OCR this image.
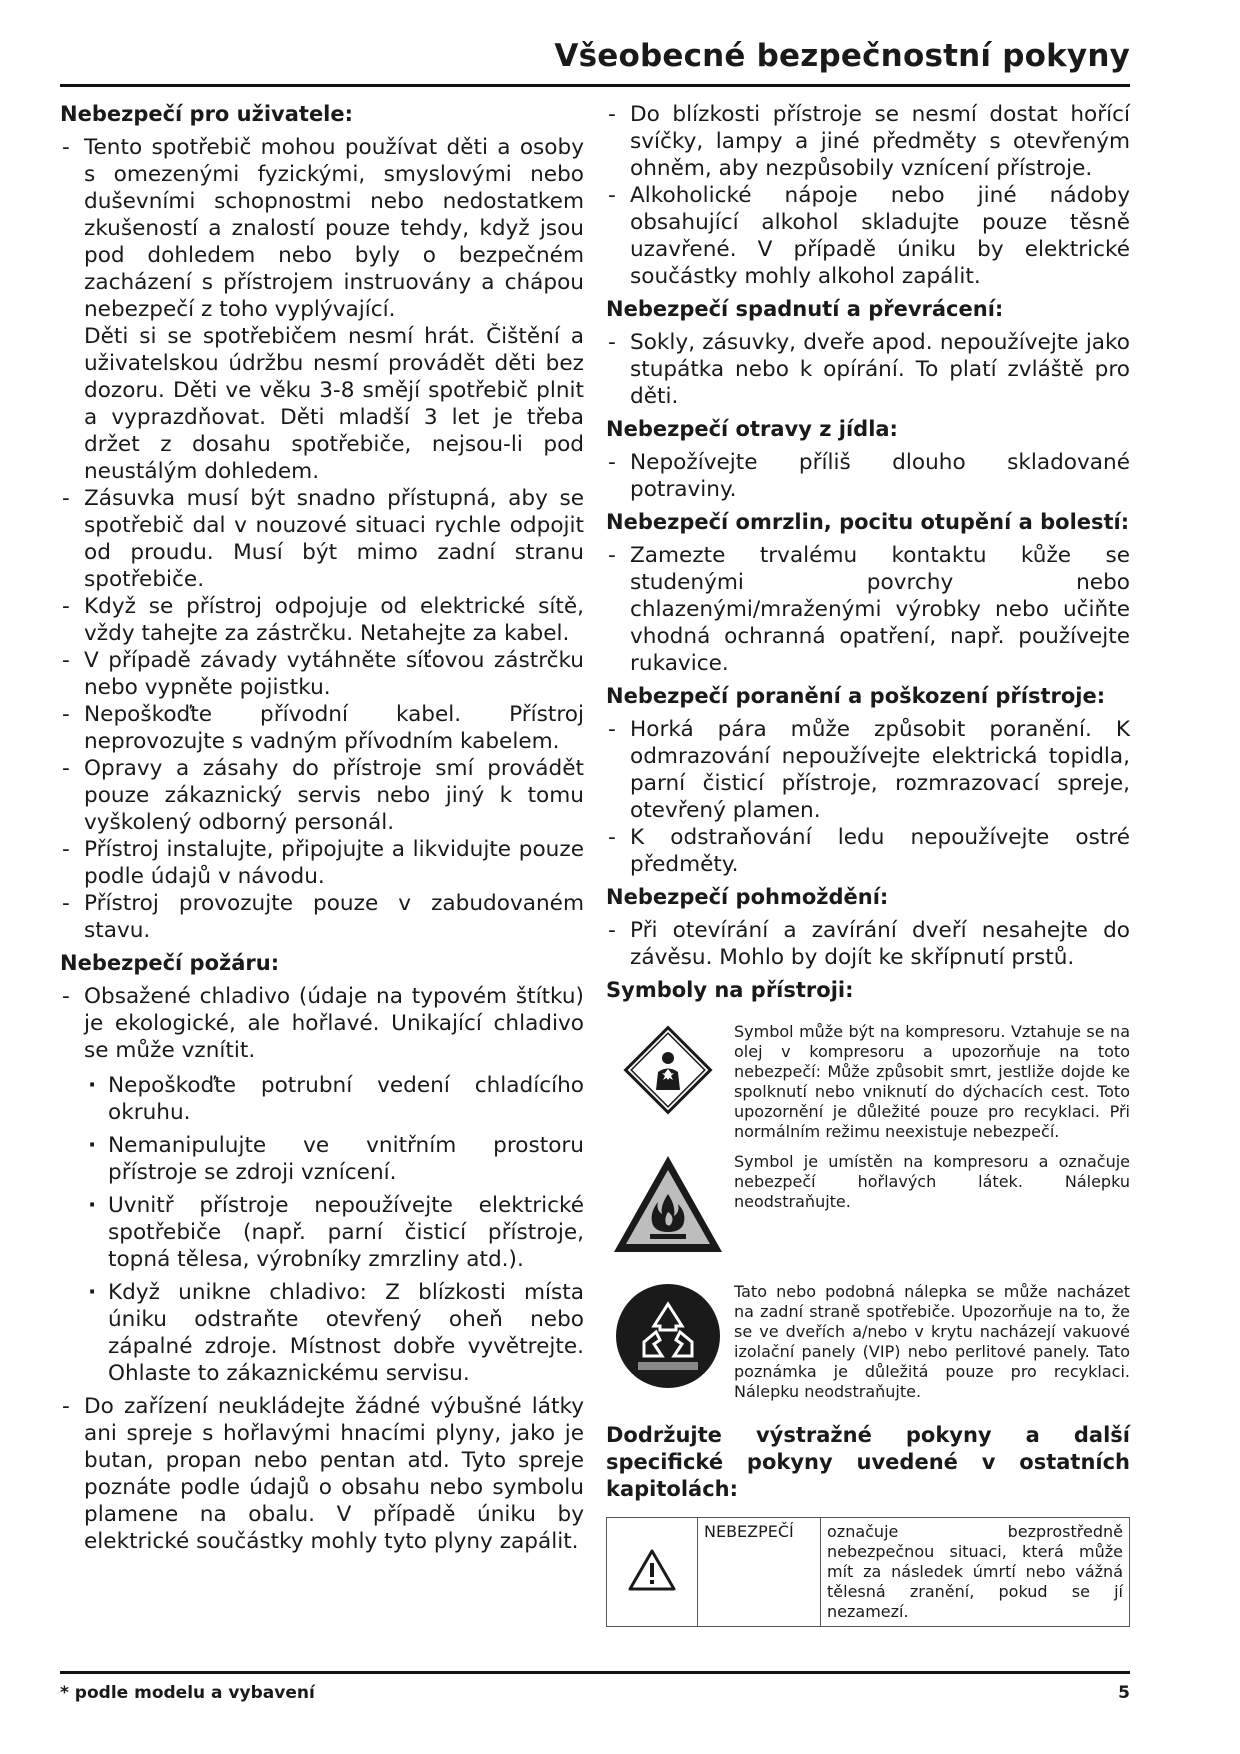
Všeobecné bezpečnostní pokyny
Nebezpečí pro uživatele:
- Tento spotřebič mohou používat děti a osoby s omezenými fyzickými, smyslovými nebo duševními schopnostmi nebo nedostatkem zkušeností a znalostí pouze tehdy, když jsou pod dohledem nebo byly o bezpečném zacházení s přístrojem instruovány a chápou nebezpečí z toho vyplývající.
Děti si se spotřebičem nesmí hrát. Čištění a uživatelskou údržbu nesmí provádět děti bez dozoru. Děti ve věku 3-8 smějí spotřebič plnit a vyprazdňovat. Děti mladší 3 let je třeba držet z dosahu spotřebiče, nejsou-li pod neustálým dohledem.
- Zásuvka musí být snadno přístupná, aby se spotřebič dal v nouzové situaci rychle odpojit od proudu. Musí být mimo zadní stranu spotřebiče.
- Když se přístroj odpojuje od elektrické sítě, vždy tahejte za zástrčku. Netahejte za kabel.
- V případě závady vytáhněte síťovou zástrčku nebo vypněte pojistku.
- Nepoškoďte přívodní kabel. Přístroj neprovozujte s vadným přívodním kabelem.
- Opravy a zásahy do přístroje smí provádět pouze zákaznický servis nebo jiný k tomu vyškolený odborný personál.
- Přístroj instalujte, připojujte a likvidujte pouze podle údajů v návodu.
- Přístroj provozujte pouze v zabudovaném stavu.
Nebezpečí požáru:
- Obsažené chladivo (údaje na typovém štítku) je ekologické, ale hořlavé. Unikající chladivo se může vznítit.
· Nepoškoďte potrubní vedení chladícího okruhu.
· Nemanipulujte ve vnitřním prostoru přístroje se zdroji vznícení.
· Uvnitř přístroje nepoužívejte elektrické spotřebiče (např. parní čisticí přístroje, topná tělesa, výrobníky zmrzliny atd.).
· Když unikne chladivo: Z blízkosti místa úniku odstraňte otevřený oheň nebo zápalné zdroje. Místnost dobře vyvětrejte. Ohlaste to zákaznickému servisu.
- Do zařízení neukládejte žádné výbušné látky ani spreje s hořlavými hnacími plyny, jako je butan, propan nebo pentan atd. Tyto spreje poznáte podle údajů o obsahu nebo symbolu plamene na obalu. V případě úniku by elektrické součástky mohly tyto plyny zapálit.
- Do blízkosti přístroje se nesmí dostat hořící svíčky, lampy a jiné předměty s otevřeným ohněm, aby nezpůsobily vznícení přístroje.
- Alkoholické nápoje nebo jiné nádoby obsahující alkohol skladujte pouze těsně uzavřené. V případě úniku by elektrické součástky mohly alkohol zapálit.
Nebezpečí spadnutí a převrácení:
- Sokly, zásuvky, dveře apod. nepoužívejte jako stupátka nebo k opírání. To platí zvláště pro děti.
Nebezpečí otravy z jídla:
- Nepožívejte příliš dlouho skladované potraviny.
Nebezpečí omrzlin, pocitu otupění a bolestí:
- Zamezte trvalému kontaktu kůže se studenými povrchy nebo chlazenými/mraženými výrobky nebo učiňte vhodná ochranná opatření, např. používejte rukavice.
Nebezpečí poranění a poškození přístroje:
- Horká pára může způsobit poranění. K odmrazování nepoužívejte elektrická topidla, parní čisticí přístroje, rozmrazovací spreje, otevřený plamen.
- K odstraňování ledu nepoužívejte ostré předměty.
Nebezpečí pohmoždění:
- Při otevírání a zavírání dveří nesahejte do závěsu. Mohlo by dojít ke skřípnutí prstů.
Symboly na přístroji:
Symbol může být na kompresoru. Vztahuje se na olej v kompresoru a upozorňuje na toto nebezpečí: Může způsobit smrt, jestliže dojde ke spolknutí nebo vniknutí do dýchacích cest. Toto upozornění je důležité pouze pro recyklaci. Při normálním režimu neexistuje nebezpečí.
Symbol je umístěn na kompresoru a označuje nebezpečí hořlavých látek. Nálepku neodstraňujte.
Tato nebo podobná nálepka se může nacházet na zadní straně spotřebiče. Upozorňuje na to, že se ve dveřích a/nebo v krytu nacházejí vakuové izolační panely (VIP) nebo perlitové panely. Tato poznámka je důležitá pouze pro recyklaci. Nálepku neodstraňujte.
Dodržujte výstražné pokyny a další specifické pokyny uvedené v ostatních kapitolách:
	NEBEZPEČÍ	označuje bezprostředně nebezpečnou situaci, která může mít za následek úmrtí nebo vážná tělesná zranění, pokud se jí nezamezí.
* podle modelu a vybavení	5
